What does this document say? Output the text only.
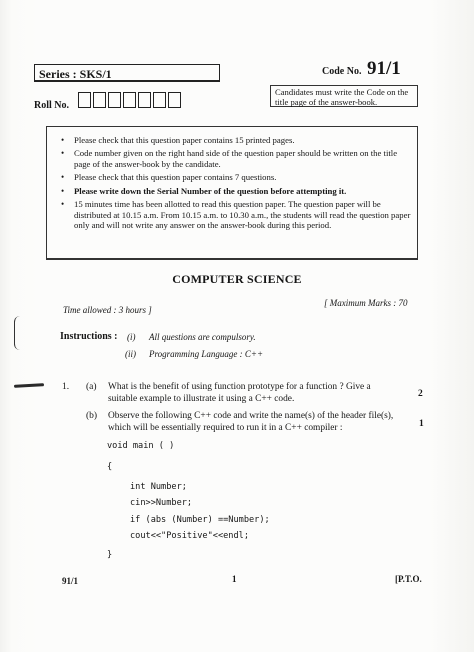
Series : SKS/1	Code No. 91/1
Roll No.
Candidates must write the Code on the title page of the answer-book.
• Please check that this question paper contains 15 printed pages.
• Code number given on the right hand side of the question paper should be written on the title page of the answer-book by the candidate.
• Please check that this question paper contains 7 questions.
• Please write down the Serial Number of the question before attempting it.
• 15 minutes time has been allotted to read this question paper. The question paper will be distributed at 10.15 a.m. From 10.15 a.m. to 10.30 a.m., the students will read the question paper only and will not write any answer on the answer-book during this period.
COMPUTER SCIENCE
Time allowed : 3 hours ]
[ Maximum Marks : 70
Instructions : (i) All questions are compulsory.
(ii) Programming Language : C++
1. (a) What is the benefit of using function prototype for a function ? Give a suitable example to illustrate it using a C++ code.	2
(b) Observe the following C++ code and write the name(s) of the header file(s), which will be essentially required to run it in a C++ compiler :	1
void main ( )
{
int Number;
cin>>Number;
if (abs (Number) ==Number);
cout<<"Positive"<<endl;
}
91/1	1	[P.T.O.
